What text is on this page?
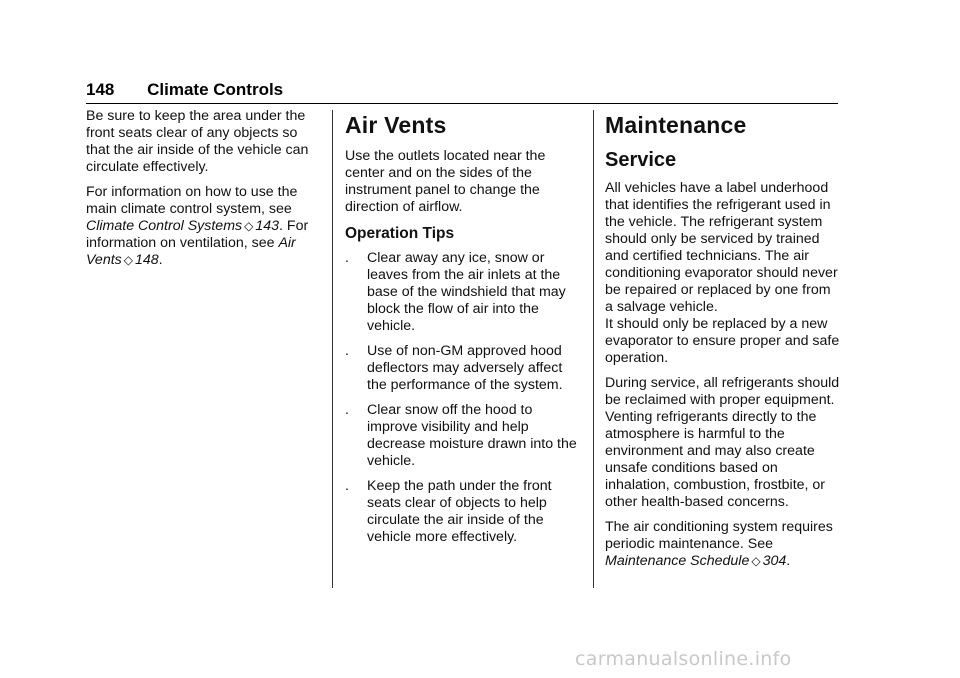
148 Climate Controls

Be sure to keep the area under the front seats clear of any objects so that the air inside of the vehicle can circulate effectively.

For information on how to use the main climate control system, see Climate Control Systems ◇ 143. For information on ventilation, see Air Vents ◇ 148.

Air Vents

Use the outlets located near the center and on the sides of the instrument panel to change the direction of airflow.

Operation Tips
. Clear away any ice, snow or leaves from the air inlets at the base of the windshield that may block the flow of air into the vehicle.
. Use of non-GM approved hood deflectors may adversely affect the performance of the system.
. Clear snow off the hood to improve visibility and help decrease moisture drawn into the vehicle.
. Keep the path under the front seats clear of objects to help circulate the air inside of the vehicle more effectively.
Maintenance
Service

All vehicles have a label underhood that identifies the refrigerant used in the vehicle. The refrigerant system should only be serviced by trained and certified technicians. The air conditioning evaporator should never be repaired or replaced by one from a salvage vehicle.

It should only be replaced by a new evaporator to ensure proper and safe operation.

During service, all refrigerants should be reclaimed with proper equipment. Venting refrigerants directly to the atmosphere is harmful to the environment and may also create unsafe conditions based on inhalation, combustion, frostbite, or other health-based concerns.

The air conditioning system requires periodic maintenance. See Maintenance Schedule ◇ 304.

carmanualsonline.info
